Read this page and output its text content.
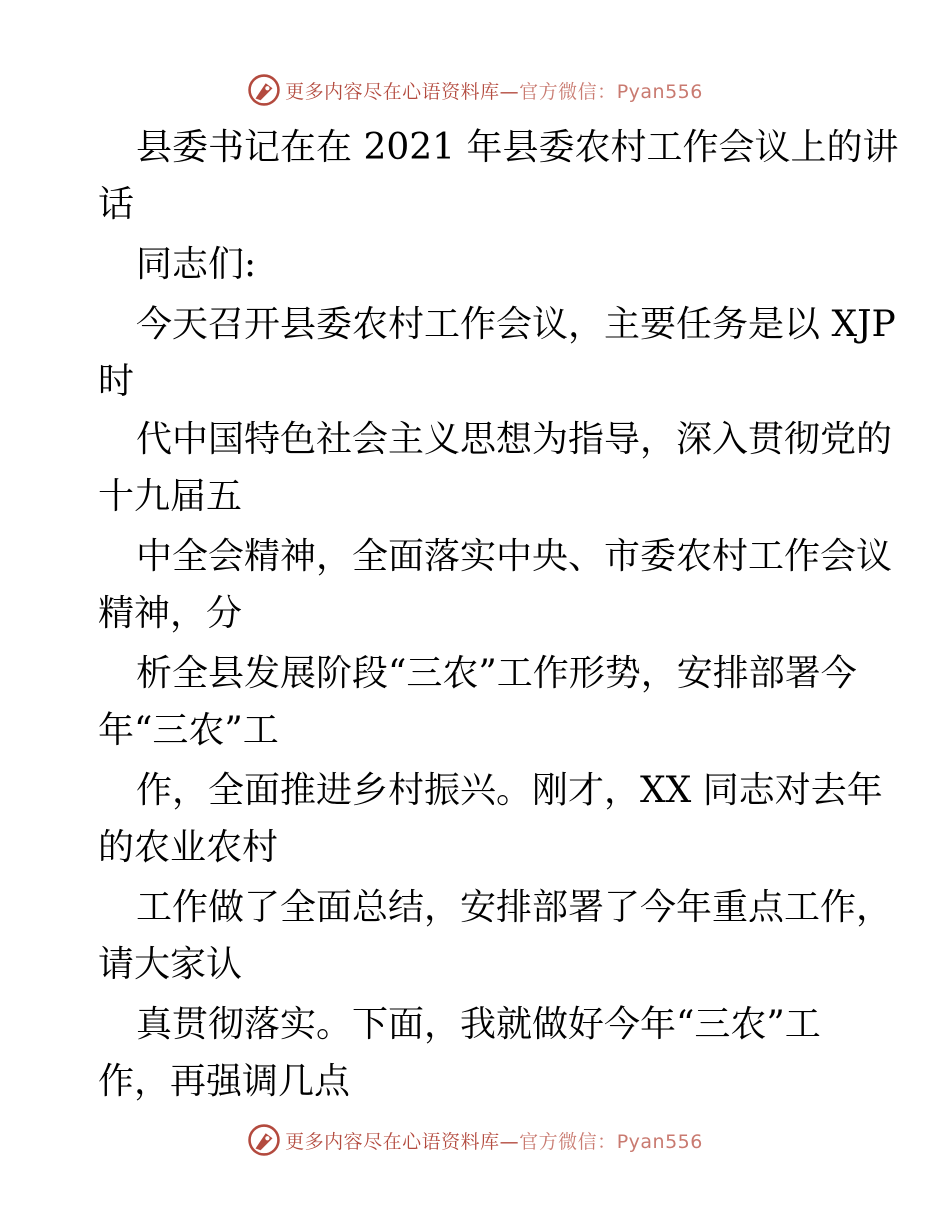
更多内容尽在心语资料库—官方微信：Pyan556
县委书记在在 2021 年县委农村工作会议上的讲
话
同志们:
今天召开县委农村工作会议，主要任务是以 XJP
时
代中国特色社会主义思想为指导，深入贯彻党的
十九届五
中全会精神，全面落实中央、市委农村工作会议
精神，分
析全县发展阶段“三农”工作形势，安排部署今
年“三农”工
作，全面推进乡村振兴。刚才，XX 同志对去年
的农业农村
工作做了全面总结，安排部署了今年重点工作，
请大家认
真贯彻落实。下面，我就做好今年“三农”工
作，再强调几点
更多内容尽在心语资料库—官方微信：Pyan556
